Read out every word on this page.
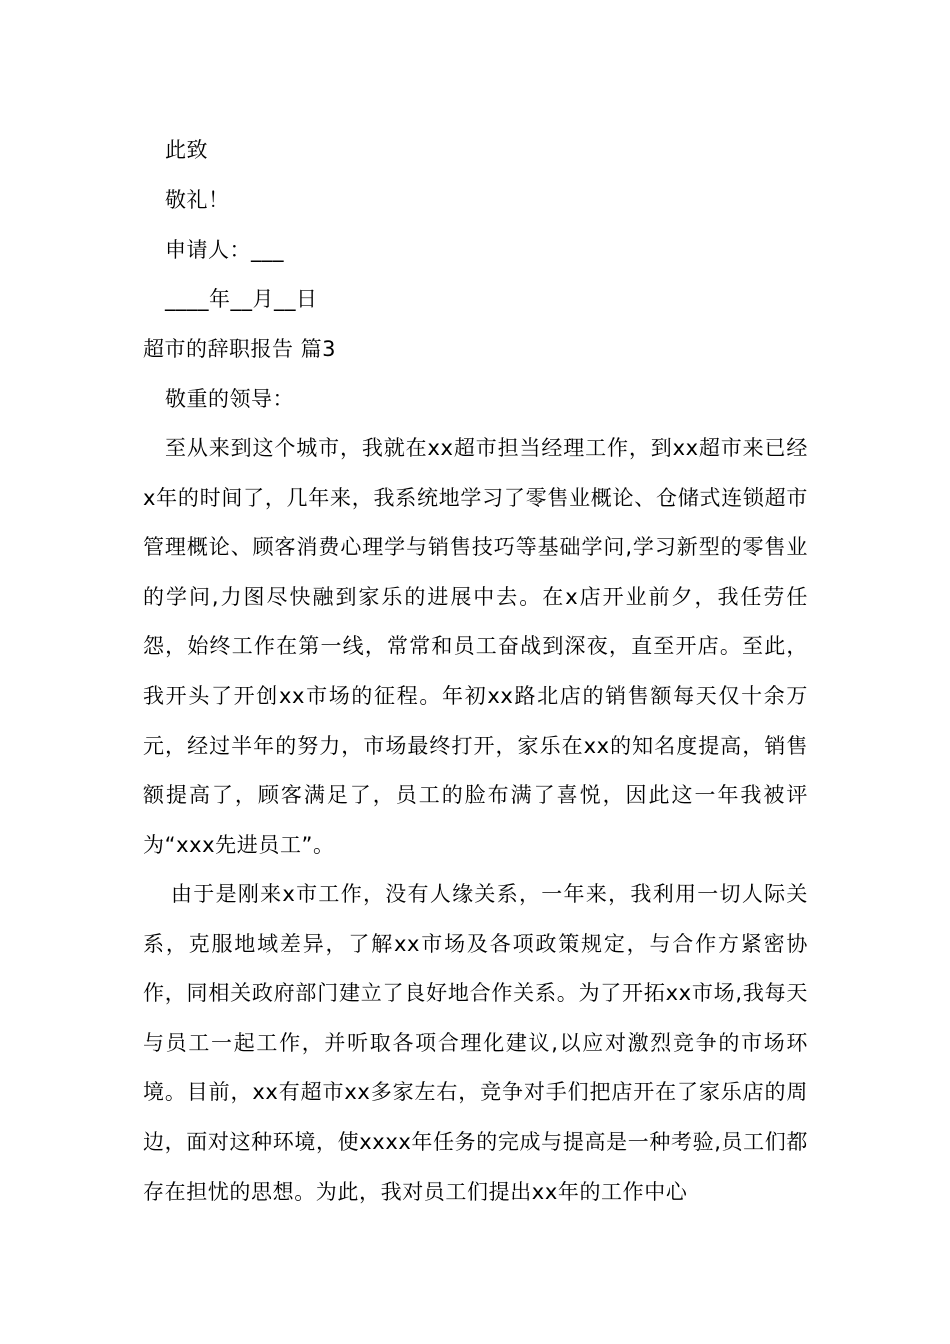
此致
敬礼！
申请人：___
____年__月__日
超市的辞职报告 篇3
敬重的领导：

至从来到这个城市，我就在xx超市担当经理工作，到xx超市来已经x年的时间了，几年来，我系统地学习了零售业概论、仓储式连锁超市管理概论、顾客消费心理学与销售技巧等基础学问,学习新型的零售业的学问,力图尽快融到家乐的进展中去。在x店开业前夕，我任劳任怨，始终工作在第一线，常常和员工奋战到深夜，直至开店。至此，我开头了开创xx市场的征程。年初xx路北店的销售额每天仅十余万元，经过半年的努力，市场最终打开，家乐在xx的知名度提高，销售额提高了，顾客满足了，员工的脸布满了喜悦，因此这一年我被评为“xxx先进员工”。

由于是刚来x市工作，没有人缘关系，一年来，我利用一切人际关系，克服地域差异，了解xx市场及各项政策规定，与合作方紧密协作，同相关政府部门建立了良好地合作关系。为了开拓xx市场,我每天与员工一起工作，并听取各项合理化建议,以应对激烈竞争的市场环境。目前，xx有超市xx多家左右，竞争对手们把店开在了家乐店的周边，面对这种环境，使xxxx年任务的完成与提高是一种考验,员工们都存在担忧的思想。为此，我对员工们提出xx年的工作中心
